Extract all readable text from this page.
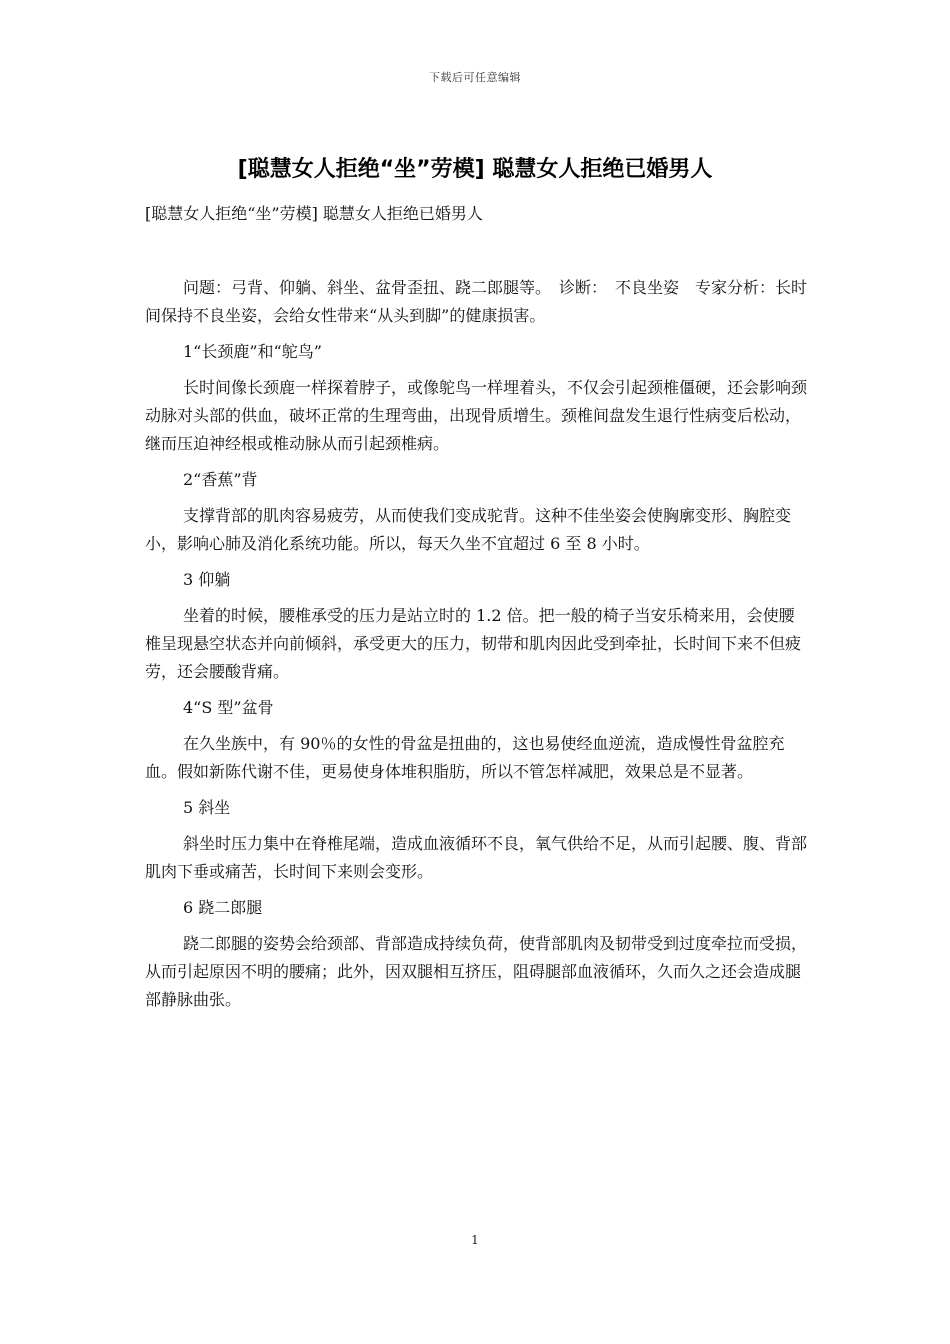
下载后可任意编辑
[聪慧女人拒绝“坐”劳模] 聪慧女人拒绝已婚男人

[聪慧女人拒绝“坐”劳模] 聪慧女人拒绝已婚男人

问题：弓背、仰躺、斜坐、盆骨歪扭、跷二郎腿等。　诊断：　不良坐姿　专家分析：长时间保持不良坐姿，会给女性带来“从头到脚”的健康损害。

1“长颈鹿”和“鸵鸟”

长时间像长颈鹿一样探着脖子，或像鸵鸟一样埋着头，不仅会引起颈椎僵硬，还会影响颈动脉对头部的供血，破坏正常的生理弯曲，出现骨质增生。颈椎间盘发生退行性病变后松动，继而压迫神经根或椎动脉从而引起颈椎病。

2“香蕉”背

支撑背部的肌肉容易疲劳，从而使我们变成驼背。这种不佳坐姿会使胸廓变形、胸腔变小，影响心肺及消化系统功能。所以，每天久坐不宜超过 6 至 8 小时。

3 仰躺

坐着的时候，腰椎承受的压力是站立时的 1.2 倍。把一般的椅子当安乐椅来用，会使腰椎呈现悬空状态并向前倾斜，承受更大的压力，韧带和肌肉因此受到牵扯，长时间下来不但疲劳，还会腰酸背痛。

4“S 型”盆骨

在久坐族中，有 90％的女性的骨盆是扭曲的，这也易使经血逆流，造成慢性骨盆腔充血。假如新陈代谢不佳，更易使身体堆积脂肪，所以不管怎样减肥，效果总是不显著。

5 斜坐

斜坐时压力集中在脊椎尾端，造成血液循环不良，氧气供给不足，从而引起腰、腹、背部肌肉下垂或痛苦，长时间下来则会变形。

6 跷二郎腿

跷二郎腿的姿势会给颈部、背部造成持续负荷，使背部肌肉及韧带受到过度牵拉而受损，从而引起原因不明的腰痛；此外，因双腿相互挤压，阻碍腿部血液循环，久而久之还会造成腿部静脉曲张。

1
